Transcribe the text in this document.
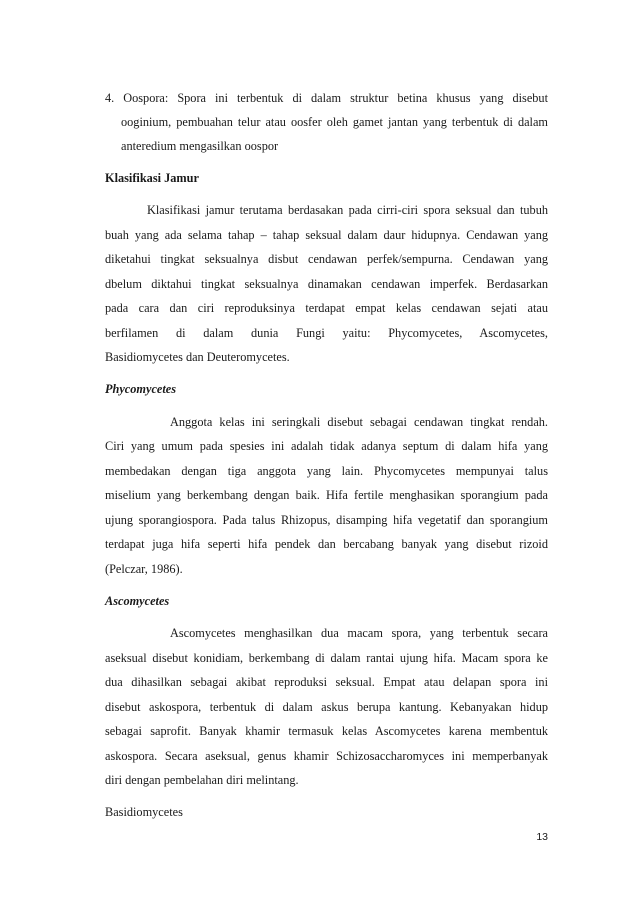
4. Oospora: Spora ini terbentuk di dalam struktur betina khusus yang disebut
ooginium, pembuahan telur atau oosfer oleh gamet jantan yang terbentuk di dalam
anteredium mengasilkan oospor
Klasifikasi Jamur
Klasifikasi jamur terutama berdasakan pada cirri-ciri spora seksual dan tubuh
buah yang ada selama tahap – tahap seksual dalam daur hidupnya. Cendawan yang
diketahui tingkat seksualnya disbut cendawan perfek/sempurna. Cendawan yang
dbelum diktahui tingkat seksualnya dinamakan cendawan imperfek. Berdasarkan
pada cara dan ciri reproduksinya terdapat empat kelas cendawan sejati atau
berfilamen di dalam dunia Fungi yaitu: Phycomycetes, Ascomycetes,
Basidiomycetes dan Deuteromycetes.
Phycomycetes
Anggota kelas ini seringkali disebut sebagai cendawan tingkat rendah.
Ciri yang umum pada spesies ini adalah tidak adanya septum di dalam hifa yang
membedakan dengan tiga anggota yang lain. Phycomycetes mempunyai talus
miselium yang berkembang dengan baik. Hifa fertile menghasikan sporangium pada
ujung sporangiospora. Pada talus Rhizopus, disamping hifa vegetatif dan sporangium
terdapat juga hifa seperti hifa pendek dan bercabang banyak yang disebut rizoid
(Pelczar, 1986).
Ascomycetes
Ascomycetes menghasilkan dua macam spora, yang terbentuk secara
aseksual disebut konidiam, berkembang di dalam rantai ujung hifa. Macam spora ke
dua dihasilkan sebagai akibat reproduksi seksual. Empat atau delapan spora ini
disebut askospora, terbentuk di dalam askus berupa kantung. Kebanyakan hidup
sebagai saprofit. Banyak khamir termasuk kelas Ascomycetes karena membentuk
askospora. Secara aseksual, genus khamir Schizosaccharomyces ini memperbanyak
diri dengan pembelahan diri melintang.
Basidiomycetes
13
